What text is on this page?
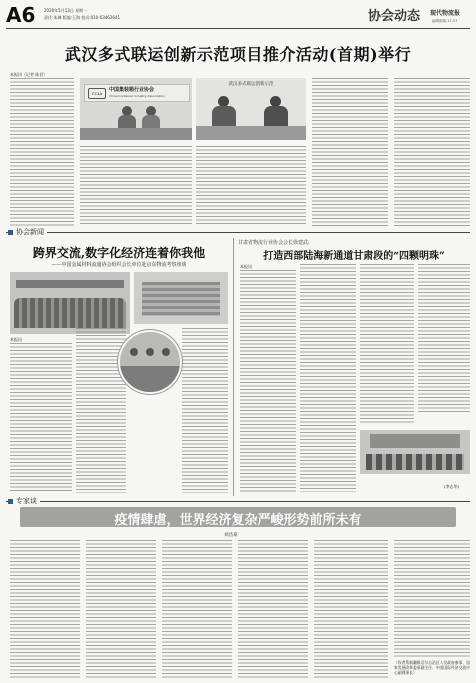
A6 2020年5月13日 星期一
责任:朱琳 版编:王海 校员:010-63462641	协会动态 现代物流报
编辑邮箱:17-07
武汉多式联运创新示范项目推介活动(首期)举行
本报讯（记者 陈君）
CCIA
中国集装箱行业协会
China Container Industry Association
武汉多式联运创新示范
协会新闻
跨界交流,数字化经济连着你我他
——中国金属材料流通协会组织会长单位赴京东物流考察座谈
本报讯
甘肃省物流行业协会会长徐建武:
打造西部陆海新通道甘肃段的“四颗明珠”
本报讯
(李志华)
专家谈
疫情肆虐，世界经济复杂严峻形势前所未有
刘昌泰
（作者系新疆维吾尔自治区人民政府参事、国家发展改革委原副主任、中国国际经济交流中心副理事长）
